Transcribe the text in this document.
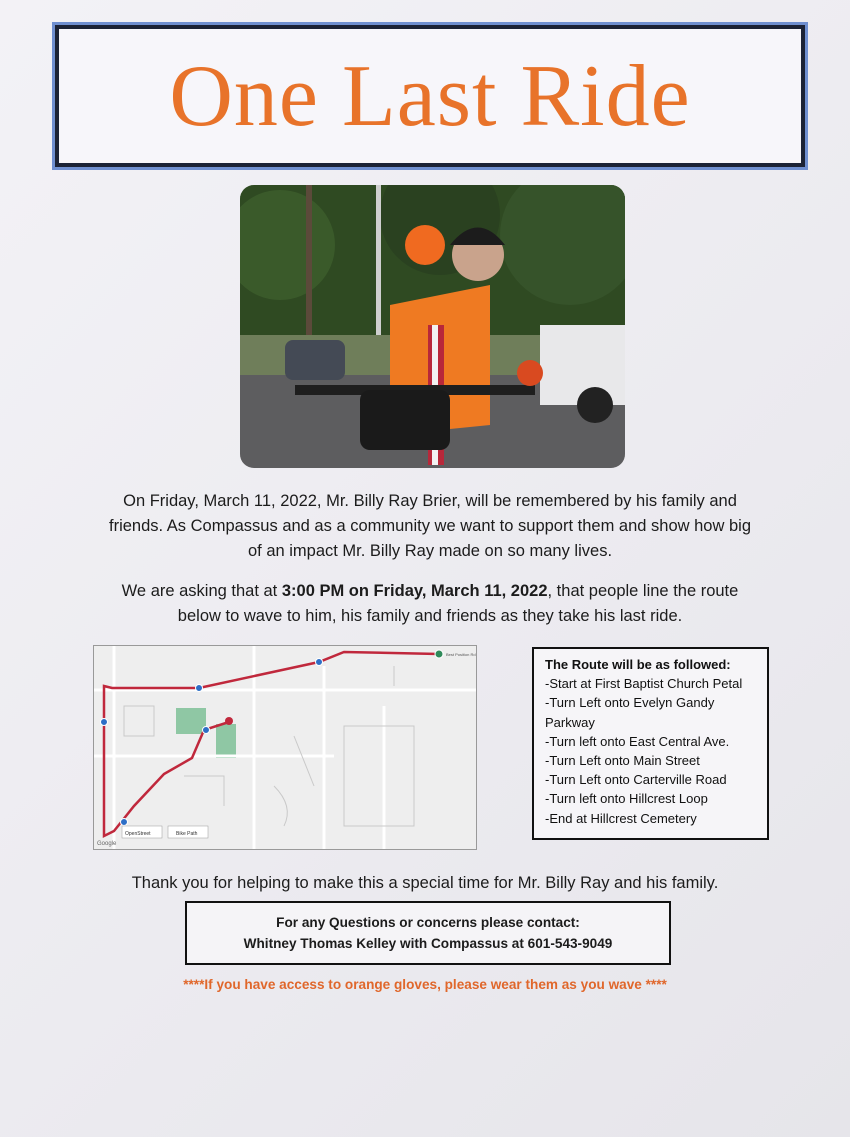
One Last Ride
On Friday, March 11, 2022, Mr. Billy Ray Brier, will be remembered by his family and friends. As Compassus and as a community we want to support them and show how big of an impact Mr. Billy Ray made on so many lives.
We are asking that at 3:00 PM on Friday, March 11, 2022, that people line the route below to wave to him, his family and friends as they take his last ride.
OpenStreet	Bike Path
Google
Best Position Rd
The Route will be as followed:
-Start at First Baptist Church Petal
-Turn Left onto Evelyn Gandy Parkway
-Turn left onto East Central Ave.
-Turn Left onto Main Street
-Turn Left onto Carterville Road
-Turn left onto Hillcrest Loop
-End at Hillcrest Cemetery
Thank you for helping to make this a special time for Mr. Billy Ray and his family.
For any Questions or concerns please contact:
Whitney Thomas Kelley with Compassus at 601-543-9049
****If you have access to orange gloves, please wear them as you wave ****
